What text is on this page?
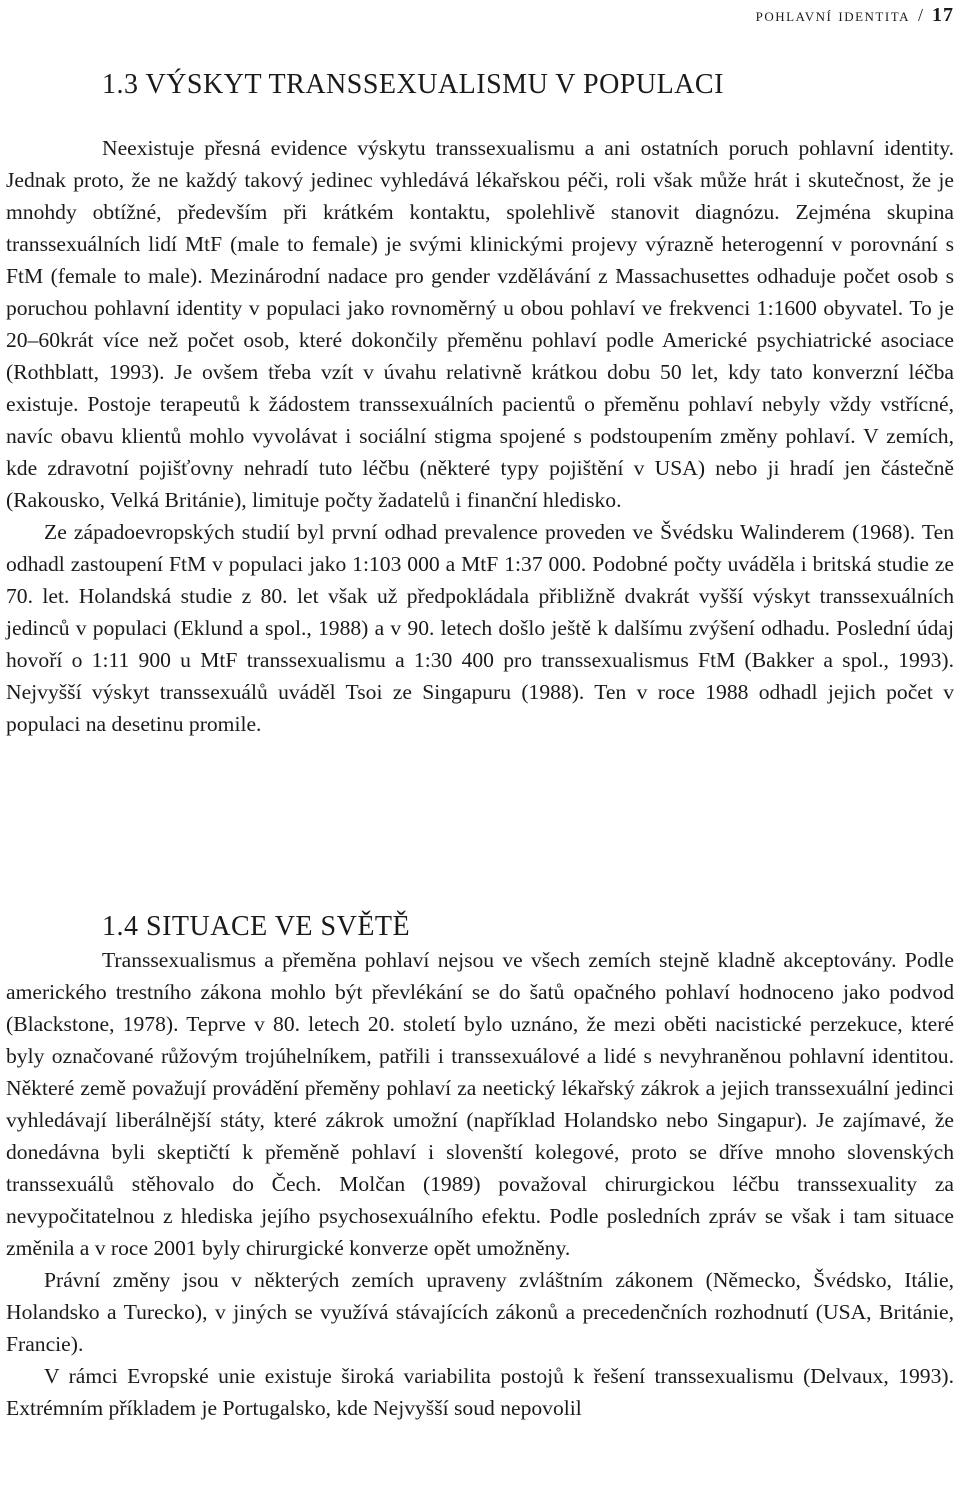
pohlavní identita / 17
1.3 VÝSKYT TRANSSEXUALISMU V POPULACI

Neexistuje přesná evidence výskytu transsexualismu a ani ostatních poruch pohlavní identity. Jednak proto, že ne každý takový jedinec vyhledává lékařskou péči, roli však může hrát i skutečnost, že je mnohdy obtížné, především při krátkém kontaktu, spolehlivě stanovit diagnózu. Zejména skupina transsexuálních lidí MtF (male to female) je svými klinickými projevy výrazně heterogenní v porovnání s FtM (female to male). Mezinárodní nadace pro gender vzdělávání z Massachusettes odhaduje počet osob s poruchou pohlavní identity v populaci jako rovnoměrný u obou pohlaví ve frekvenci 1:1600 obyvatel. To je 20–60krát více než počet osob, které dokončily přeměnu pohlaví podle Americké psychiatrické asociace (Rothblatt, 1993). Je ovšem třeba vzít v úvahu relativně krátkou dobu 50 let, kdy tato konverzní léčba existuje. Postoje terapeutů k žádostem transsexuálních pacientů o přeměnu pohlaví nebyly vždy vstřícné, navíc obavu klientů mohlo vyvolávat i sociální stigma spojené s podstoupením změny pohlaví. V zemích, kde zdravotní pojišťovny nehradí tuto léčbu (některé typy pojištění v USA) nebo ji hradí jen částečně (Rakousko, Velká Británie), limituje počty žadatelů i finanční hledisko.

Ze západoevropských studií byl první odhad prevalence proveden ve Švédsku Walinderem (1968). Ten odhadl zastoupení FtM v populaci jako 1:103 000 a MtF 1:37 000. Podobné počty uváděla i britská studie ze 70. let. Holandská studie z 80. let však už předpokládala přibližně dvakrát vyšší výskyt transsexuálních jedinců v populaci (Eklund a spol., 1988) a v 90. letech došlo ještě k dalšímu zvýšení odhadu. Poslední údaj hovoří o 1:11 900 u MtF transsexualismu a 1:30 400 pro transsexualismus FtM (Bakker a spol., 1993). Nejvyšší výskyt transsexuálů uváděl Tsoi ze Singapuru (1988). Ten v roce 1988 odhadl jejich počet v populaci na desetinu promile.

1.4 SITUACE VE SVĚTĚ

Transsexualismus a přeměna pohlaví nejsou ve všech zemích stejně kladně akceptovány. Podle amerického trestního zákona mohlo být převlékání se do šatů opačného pohlaví hodnoceno jako podvod (Blackstone, 1978). Teprve v 80. letech 20. století bylo uznáno, že mezi oběti nacistické perzekuce, které byly označované růžovým trojúhelníkem, patřili i transsexuálové a lidé s nevyhraněnou pohlavní identitou. Některé země považují provádění přeměny pohlaví za neetický lékařský zákrok a jejich transsexuální jedinci vyhledávají liberálnější státy, které zákrok umožní (například Holandsko nebo Singapur). Je zajímavé, že donedávna byli skeptičtí k přeměně pohlaví i slovenští kolegové, proto se dříve mnoho slovenských transsexuálů stěhovalo do Čech. Molčan (1989) považoval chirurgickou léčbu transsexuality za nevypočitatelnou z hlediska jejího psychosexuálního efektu. Podle posledních zpráv se však i tam situace změnila a v roce 2001 byly chirurgické konverze opět umožněny.

Právní změny jsou v některých zemích upraveny zvláštním zákonem (Německo, Švédsko, Itálie, Holandsko a Turecko), v jiných se využívá stávajících zákonů a precedenčních rozhodnutí (USA, Británie, Francie).

V rámci Evropské unie existuje široká variabilita postojů k řešení transsexualismu (Delvaux, 1993). Extrémním příkladem je Portugalsko, kde Nejvyšší soud nepovolil
